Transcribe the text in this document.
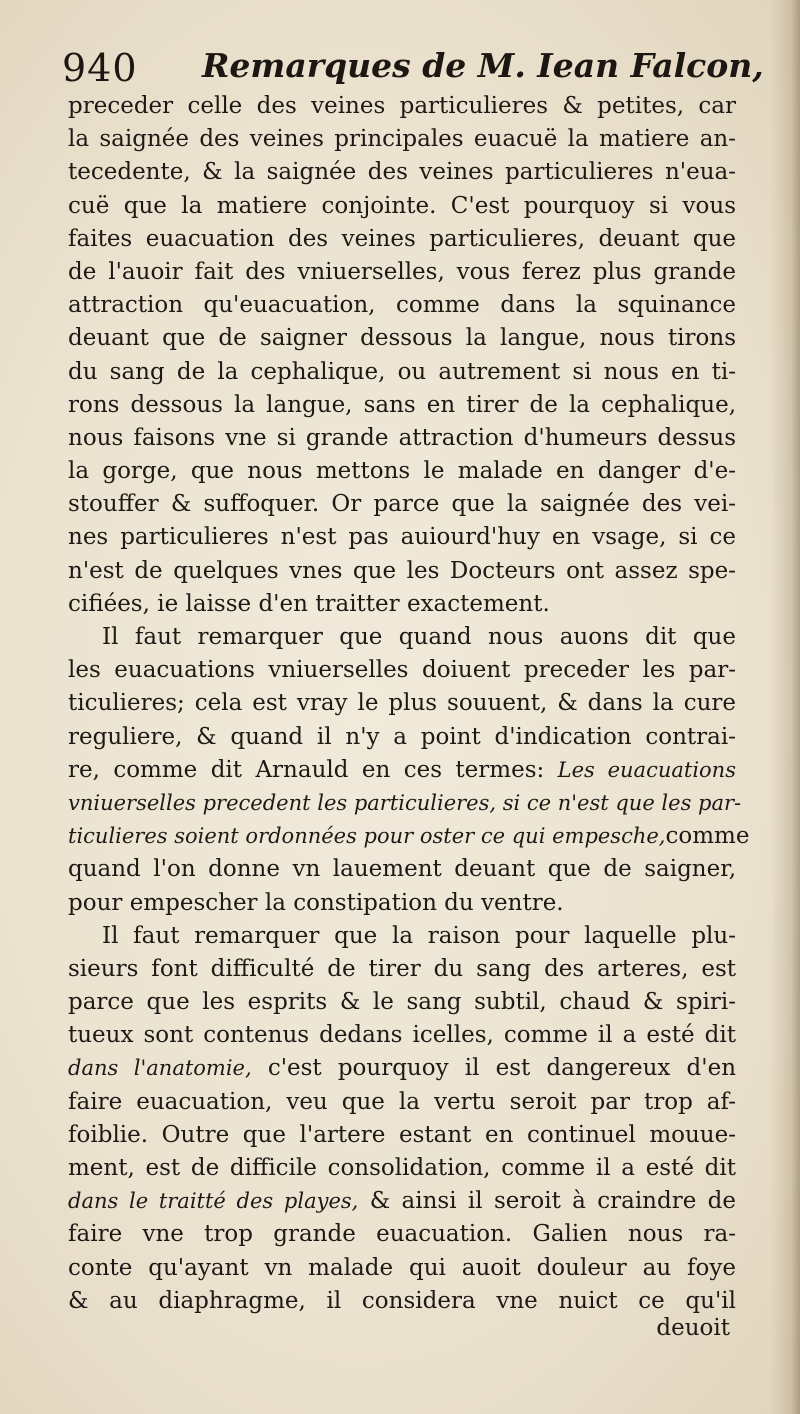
940 Remarques de M. Iean Falcon,
preceder celle des veines particulieres & petites, car
la saignée des veines principales euacuë la matiere an-
tecedente, & la saignée des veines particulieres n'eua-
cuë que la matiere conjointe. C'est pourquoy si vous
faites euacuation des veines particulieres, deuant que
de l'auoir fait des vniuerselles, vous ferez plus grande
attraction qu'euacuation, comme dans la squinance
deuant que de saigner dessous la langue, nous tirons
du sang de la cephalique, ou autrement si nous en ti-
rons dessous la langue, sans en tirer de la cephalique,
nous faisons vne si grande attraction d'humeurs dessus
la gorge, que nous mettons le malade en danger d'e-
stouffer & suffoquer. Or parce que la saignée des vei-
nes particulieres n'est pas auiourd'huy en vsage, si ce
n'est de quelques vnes que les Docteurs ont assez spe-
cifiées, ie laisse d'en traitter exactement.
Il faut remarquer que quand nous auons dit que
les euacuations vniuerselles doiuent preceder les par-
ticulieres; cela est vray le plus souuent, & dans la cure
reguliere, & quand il n'y a point d'indication contrai-
re, comme dit Arnauld en ces termes: Les euacuations
vniuerselles precedent les particulieres, si ce n'est que les par-
ticulieres soient ordonnées pour oster ce qui empesche,comme
quand l'on donne vn lauement deuant que de saigner,
pour empescher la constipation du ventre.
Il faut remarquer que la raison pour laquelle plu-
sieurs font difficulté de tirer du sang des arteres, est
parce que les esprits & le sang subtil, chaud & spiri-
tueux sont contenus dedans icelles, comme il a esté dit
dans l'anatomie, c'est pourquoy il est dangereux d'en
faire euacuation, veu que la vertu seroit par trop af-
foiblie. Outre que l'artere estant en continuel mouue-
ment, est de difficile consolidation, comme il a esté dit
dans le traitté des playes, & ainsi il seroit à craindre de
faire vne trop grande euacuation. Galien nous ra-
conte qu'ayant vn malade qui auoit douleur au foye
& au diaphragme, il considera vne nuict ce qu'il
deuoit
